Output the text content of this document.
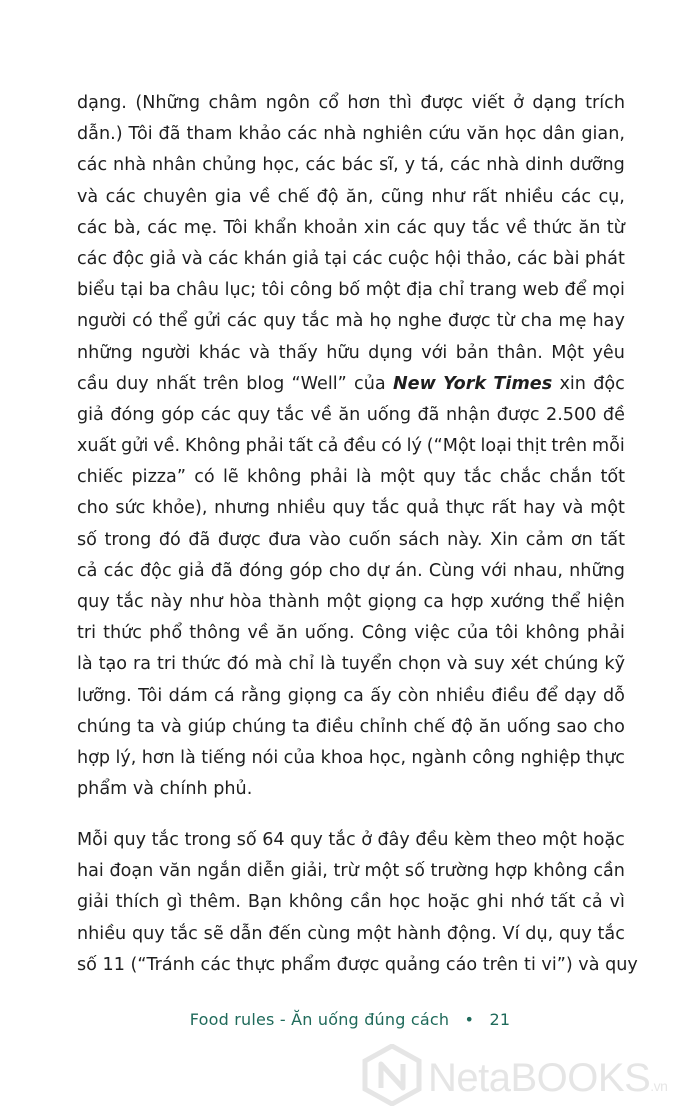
dạng. (Những châm ngôn cổ hơn thì được viết ở dạng trích
dẫn.) Tôi đã tham khảo các nhà nghiên cứu văn học dân gian,
các nhà nhân chủng học, các bác sĩ, y tá, các nhà dinh dưỡng
và các chuyên gia về chế độ ăn, cũng như rất nhiều các cụ,
các bà, các mẹ. Tôi khẩn khoản xin các quy tắc về thức ăn từ
các độc giả và các khán giả tại các cuộc hội thảo, các bài phát
biểu tại ba châu lục; tôi công bố một địa chỉ trang web để mọi
người có thể gửi các quy tắc mà họ nghe được từ cha mẹ hay
những người khác và thấy hữu dụng với bản thân. Một yêu
cầu duy nhất trên blog “Well” của New York Times xin độc
giả đóng góp các quy tắc về ăn uống đã nhận được 2.500 đề
xuất gửi về. Không phải tất cả đều có lý (“Một loại thịt trên mỗi
chiếc pizza” có lẽ không phải là một quy tắc chắc chắn tốt
cho sức khỏe), nhưng nhiều quy tắc quả thực rất hay và một
số trong đó đã được đưa vào cuốn sách này. Xin cảm ơn tất
cả các độc giả đã đóng góp cho dự án. Cùng với nhau, những
quy tắc này như hòa thành một giọng ca hợp xướng thể hiện
tri thức phổ thông về ăn uống. Công việc của tôi không phải
là tạo ra tri thức đó mà chỉ là tuyển chọn và suy xét chúng kỹ
lưỡng. Tôi dám cá rằng giọng ca ấy còn nhiều điều để dạy dỗ
chúng ta và giúp chúng ta điều chỉnh chế độ ăn uống sao cho
hợp lý, hơn là tiếng nói của khoa học, ngành công nghiệp thực
phẩm và chính phủ.
Mỗi quy tắc trong số 64 quy tắc ở đây đều kèm theo một hoặc
hai đoạn văn ngắn diễn giải, trừ một số trường hợp không cần
giải thích gì thêm. Bạn không cần học hoặc ghi nhớ tất cả vì
nhiều quy tắc sẽ dẫn đến cùng một hành động. Ví dụ, quy tắc
số 11 (“Tránh các thực phẩm được quảng cáo trên ti vi”) và quy
Food rules - Ăn uống đúng cách • 21
NetaBOOKS.vn
